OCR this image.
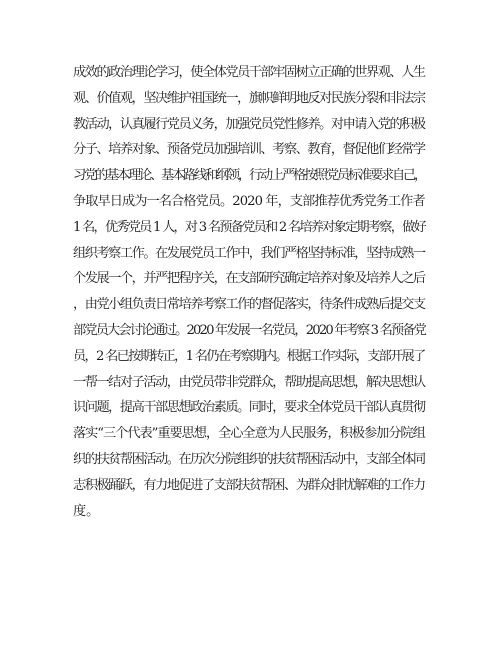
成效的政治理论学习，使全体党员干部牢固树立正确的世界观、人生
观、价值观，坚决维护祖国统一，旗帜鲜明地反对民族分裂和非法宗
教活动，认真履行党员义务，加强党员党性修养。对申请入党的积极
分子、培养对象、预备党员加强培训、考察、教育，督促他们经常学
习党的基本理论、基本路线和纲领，行动上严格按照党员标准要求自己，
争取早日成为一名合格党员。2020 年，支部推荐优秀党务工作者
1 名，优秀党员 1 人，对 3 名预备党员和 2 名培养对象定期考察，做好
组织考察工作。在发展党员工作中，我们严格坚持标准，坚持成熟一
个发展一个，并严把程序关，在支部研究确定培养对象及培养人之后
，由党小组负责日常培养考察工作的督促落实，待条件成熟后提交支
部党员大会讨论通过。2020 年发展一名党员，2020 年考察 3 名预备党
员，2 名已按期转正，1 名仍在考察期内。根据工作实际，支部开展了
一帮一结对子活动，由党员带非党群众，帮助提高思想，解决思想认
识问题，提高干部思想政治素质。同时，要求全体党员干部认真贯彻
落实“三个代表”重要思想，全心全意为人民服务，积极参加分院组
织的扶贫帮困活动。在历次分院组织的扶贫帮困活动中，支部全体同
志积极踊跃，有力地促进了支部扶贫帮困、为群众排忧解难的工作力
度。
